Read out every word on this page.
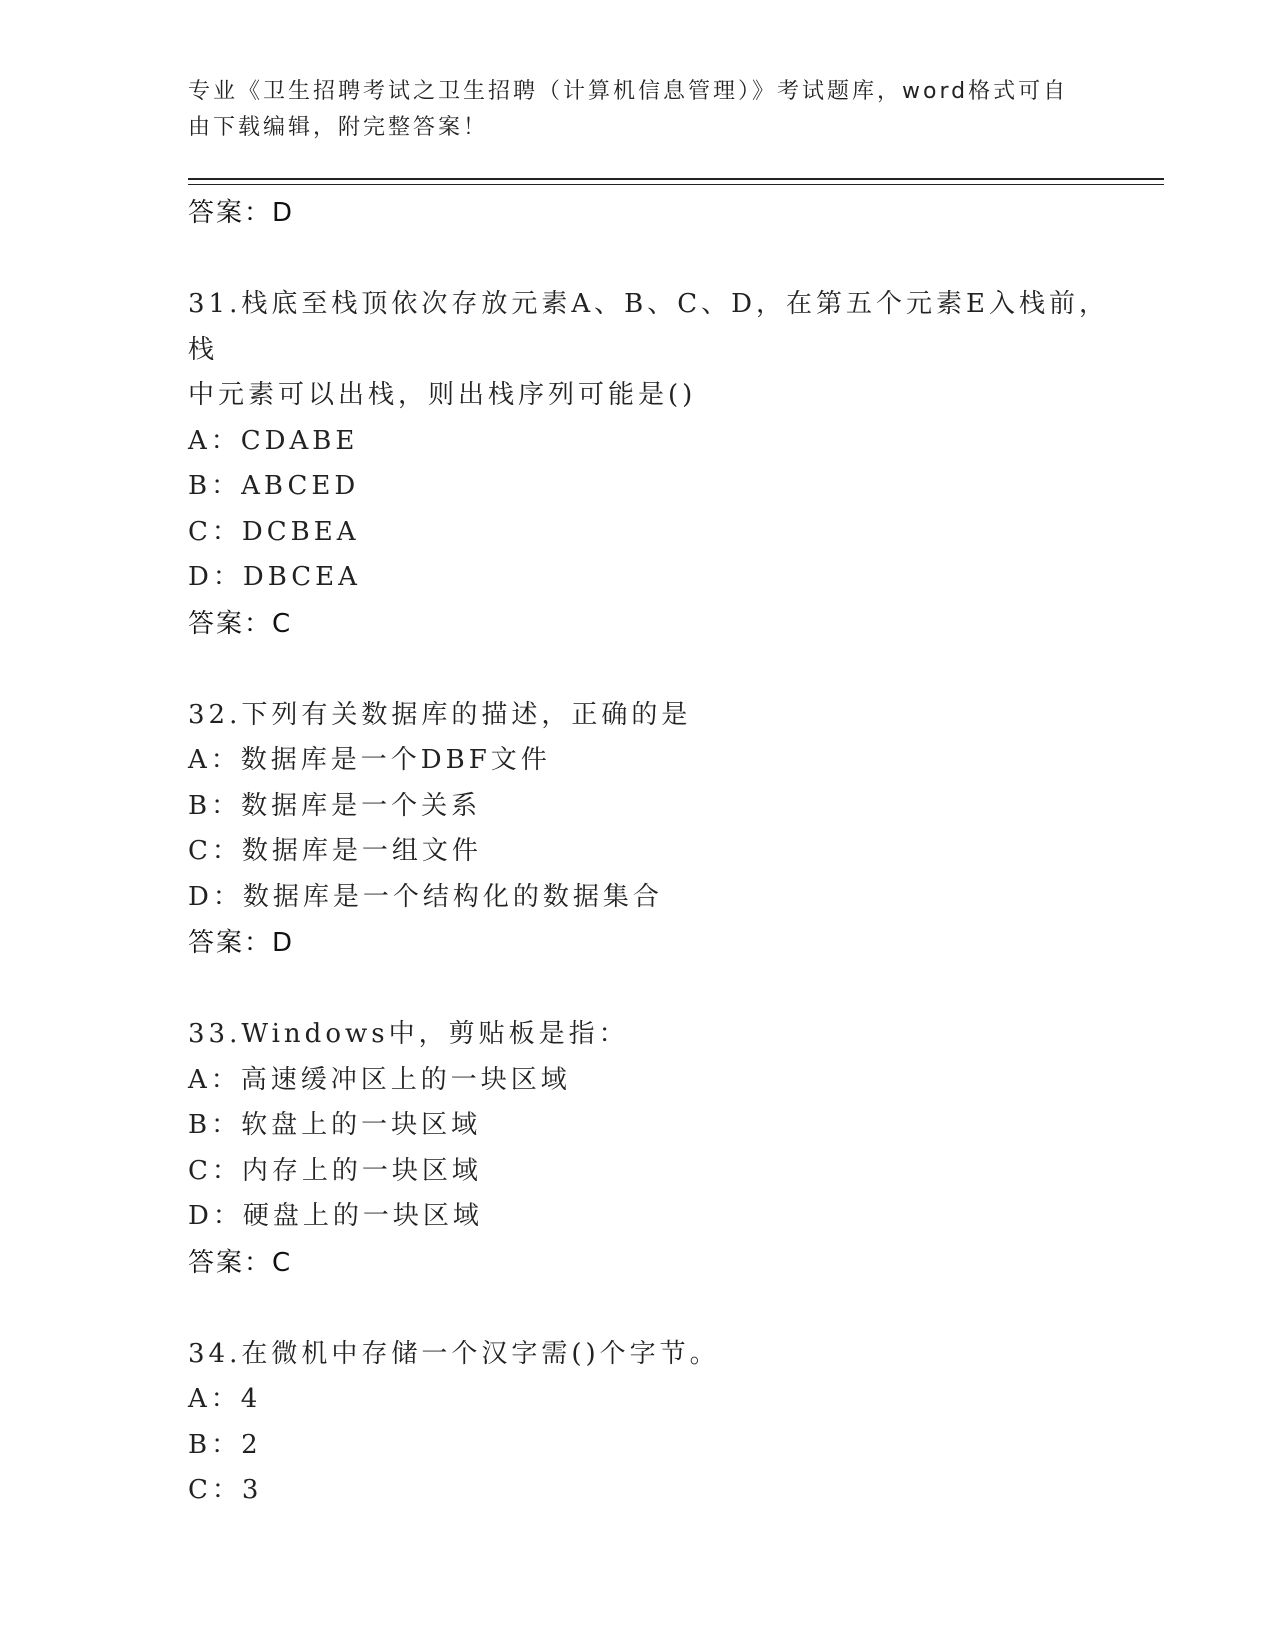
专业《卫生招聘考试之卫生招聘（计算机信息管理）》考试题库，word格式可自
由下载编辑，附完整答案！
答案：D
31.栈底至栈顶依次存放元素A、B、C、D，在第五个元素E入栈前，栈
中元素可以出栈，则出栈序列可能是()
A：CDABE
B：ABCED
C：DCBEA
D：DBCEA
答案：C
32.下列有关数据库的描述，正确的是
A：数据库是一个DBF文件
B：数据库是一个关系
C：数据库是一组文件
D：数据库是一个结构化的数据集合
答案：D
33.Windows中，剪贴板是指：
A：高速缓冲区上的一块区域
B：软盘上的一块区域
C：内存上的一块区域
D：硬盘上的一块区域
答案：C
34.在微机中存储一个汉字需()个字节。
A：4
B：2
C：3
